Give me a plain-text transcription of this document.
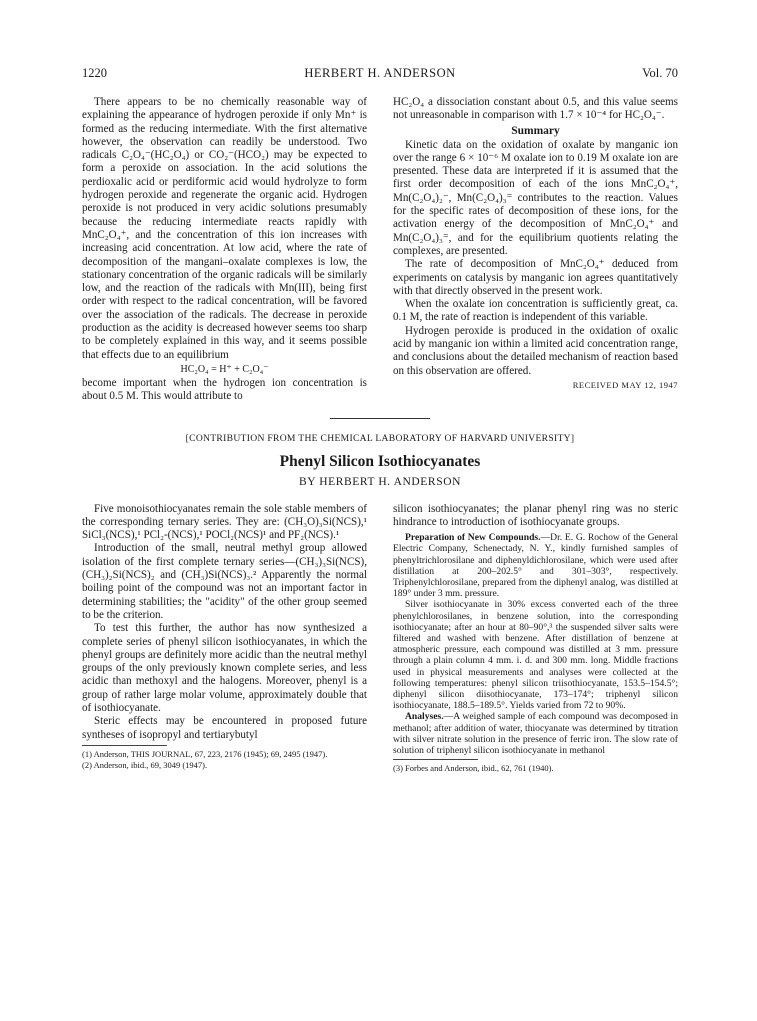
1220	HERBERT H. ANDERSON	Vol. 70

There appears to be no chemically reasonable way of explaining the appearance of hydrogen peroxide if only Mn⁺ is formed as the reducing intermediate. With the first alternative however, the observation can readily be understood. Two radicals C₂O₄⁻(HC₂O₄) or CO₂⁻(HCO₂) may be expected to form a peroxide on association. In the acid solutions the perdioxalic acid or perdiformic acid would hydrolyze to form hydrogen peroxide and regenerate the organic acid. Hydrogen peroxide is not produced in very acidic solutions presumably because the reducing intermediate reacts rapidly with MnC₂O₄⁺, and the concentration of this ion increases with increasing acid concentration. At low acid, where the rate of decomposition of the mangani–oxalate complexes is low, the stationary concentration of the organic radicals will be similarly low, and the reaction of the radicals with Mn(III), being first order with respect to the radical concentration, will be favored over the association of the radicals. The decrease in peroxide production as the acidity is decreased however seems too sharp to be completely explained in this way, and it seems possible that effects due to an equilibrium

HC₂O₄ = H⁺ + C₂O₄⁻

become important when the hydrogen ion concentration is about 0.5 M. This would attribute to

HC₂O₄ a dissociation constant about 0.5, and this value seems not unreasonable in comparison with 1.7 × 10⁻⁴ for HC₂O₄⁻.

Summary

Kinetic data on the oxidation of oxalate by manganic ion over the range 6 × 10⁻⁶ M oxalate ion to 0.19 M oxalate ion are presented. These data are interpreted if it is assumed that the first order decomposition of each of the ions MnC₂O₄⁺, Mn(C₂O₄)₂⁻, Mn(C₂O₄)₃⁼ contributes to the reaction. Values for the specific rates of decomposition of these ions, for the activation energy of the decomposition of MnC₂O₄⁺ and Mn(C₂O₄)₃⁼, and for the equilibrium quotients relating the complexes, are presented.

The rate of decomposition of MnC₂O₄⁺ deduced from experiments on catalysis by manganic ion agrees quantitatively with that directly observed in the present work.

When the oxalate ion concentration is sufficiently great, ca. 0.1 M, the rate of reaction is independent of this variable.

Hydrogen peroxide is produced in the oxidation of oxalic acid by manganic ion within a limited acid concentration range, and conclusions about the detailed mechanism of reaction based on this observation are offered.

RECEIVED MAY 12, 1947
[CONTRIBUTION FROM THE CHEMICAL LABORATORY OF HARVARD UNIVERSITY]
Phenyl Silicon Isothiocyanates
BY HERBERT H. ANDERSON

Five monoisothiocyanates remain the sole stable members of the corresponding ternary series. They are: (CH₃O)₃Si(NCS),¹ SiCl₃(NCS),¹ PCl₂-(NCS),¹ POCl₂(NCS)¹ and PF₂(NCS).¹

Introduction of the small, neutral methyl group allowed isolation of the first complete ternary series—(CH₃)₃Si(NCS), (CH₃)₂Si(NCS)₂ and (CH₃)Si(NCS)₃.² Apparently the normal boiling point of the compound was not an important factor in determining stabilities; the "acidity" of the other group seemed to be the criterion.

To test this further, the author has now synthesized a complete series of phenyl silicon isothiocyanates, in which the phenyl groups are definitely more acidic than the neutral methyl groups of the only previously known complete series, and less acidic than methoxyl and the halogens. Moreover, phenyl is a group of rather large molar volume, approximately double that of isothiocyanate.

Steric effects may be encountered in proposed future syntheses of isopropyl and tertiarybutyl

(1) Anderson, THIS JOURNAL, 67, 223, 2176 (1945); 69, 2495 (1947).

(2) Anderson, ibid., 69, 3049 (1947).

silicon isothiocyanates; the planar phenyl ring was no steric hindrance to introduction of isothiocyanate groups.

Preparation of New Compounds.—Dr. E. G. Rochow of the General Electric Company, Schenectady, N. Y., kindly furnished samples of phenyltrichlorosilane and diphenyldichlorosilane, which were used after distillation at 200–202.5° and 301–303°, respectively. Triphenylchlorosilane, prepared from the diphenyl analog, was distilled at 189° under 3 mm. pressure.

Silver isothiocyanate in 30% excess converted each of the three phenylchlorosilanes, in benzene solution, into the corresponding isothiocyanate; after an hour at 80–90°,³ the suspended silver salts were filtered and washed with benzene. After distillation of benzene at atmospheric pressure, each compound was distilled at 3 mm. pressure through a plain column 4 mm. i. d. and 300 mm. long. Middle fractions used in physical measurements and analyses were collected at the following temperatures: phenyl silicon triisothiocyanate, 153.5–154.5°; diphenyl silicon diisothiocyanate, 173–174°; triphenyl silicon isothiocyanate, 188.5–189.5°. Yields varied from 72 to 90%.

Analyses.—A weighed sample of each compound was decomposed in methanol; after addition of water, thiocyanate was determined by titration with silver nitrate solution in the presence of ferric iron. The slow rate of solution of triphenyl silicon isothiocyanate in methanol

(3) Forbes and Anderson, ibid., 62, 761 (1940).
